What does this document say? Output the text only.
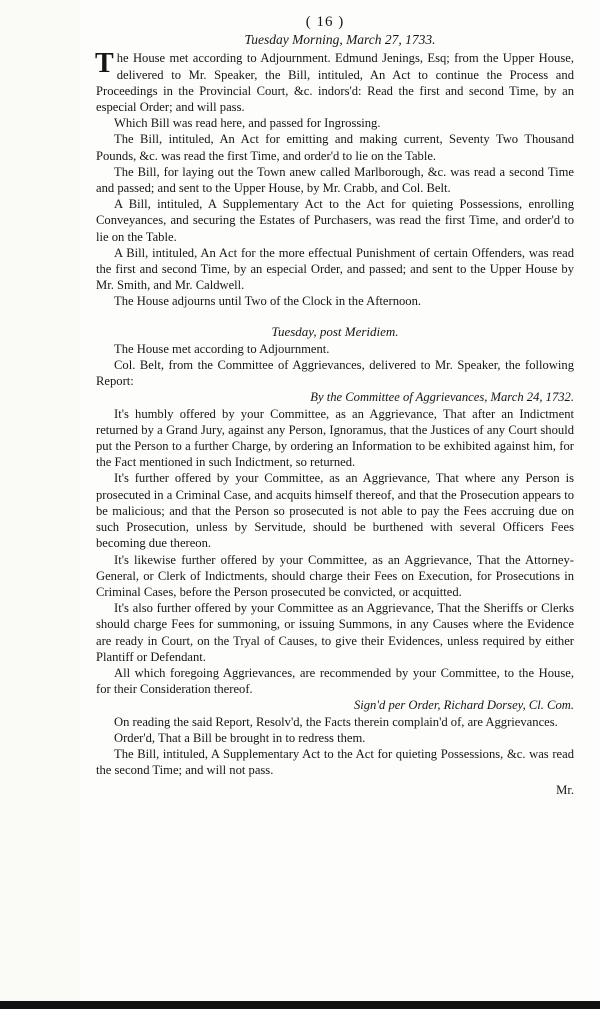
( 16 )
Tuesday Morning, March 27, 1733.

The House met according to Adjournment. Edmund Jenings, Esq; from the Upper House, delivered to Mr. Speaker, the Bill, intituled, An Act to continue the Process and Proceedings in the Provincial Court, &c. indors'd: Read the first and second Time, by an especial Order; and will pass.

Which Bill was read here, and passed for Ingrossing.

The Bill, intituled, An Act for emitting and making current, Seventy Two Thousand Pounds, &c. was read the first Time, and order'd to lie on the Table.

The Bill, for laying out the Town anew called Marlborough, &c. was read a second Time and passed; and sent to the Upper House, by Mr. Crabb, and Col. Belt.

A Bill, intituled, A Supplementary Act to the Act for quieting Possessions, enrolling Conveyances, and securing the Estates of Purchasers, was read the first Time, and order'd to lie on the Table.

A Bill, intituled, An Act for the more effectual Punishment of certain Offenders, was read the first and second Time, by an especial Order, and passed; and sent to the Upper House by Mr. Smith, and Mr. Caldwell.

The House adjourns until Two of the Clock in the Afternoon.

Tuesday, post Meridiem.

The House met according to Adjournment.

Col. Belt, from the Committee of Aggrievances, delivered to Mr. Speaker, the following Report:

By the Committee of Aggrievances, March 24, 1732.

It's humbly offered by your Committee, as an Aggrievance, That after an Indictment returned by a Grand Jury, against any Person, Ignoramus, that the Justices of any Court should put the Person to a further Charge, by ordering an Information to be exhibited against him, for the Fact mentioned in such Indictment, so returned.

It's further offered by your Committee, as an Aggrievance, That where any Person is prosecuted in a Criminal Case, and acquits himself thereof, and that the Prosecution appears to be malicious; and that the Person so prosecuted is not able to pay the Fees accruing due on such Prosecution, unless by Servitude, should be burthened with several Officers Fees becoming due thereon.

It's likewise further offered by your Committee, as an Aggrievance, That the Attorney-General, or Clerk of Indictments, should charge their Fees on Execution, for Prosecutions in Criminal Cases, before the Person prosecuted be convicted, or acquitted.

It's also further offered by your Committee as an Aggrievance, That the Sheriffs or Clerks should charge Fees for summoning, or issuing Summons, in any Causes where the Evidence are ready in Court, on the Tryal of Causes, to give their Evidences, unless required by either Plantiff or Defendant.

All which foregoing Aggrievances, are recommended by your Committee, to the House, for their Consideration thereof.

Sign'd per Order, Richard Dorsey, Cl. Com.

On reading the said Report, Resolv'd, the Facts therein complain'd of, are Aggrievances.

Order'd, That a Bill be brought in to redress them.

The Bill, intituled, A Supplementary Act to the Act for quieting Possessions, &c. was read the second Time; and will not pass.

Mr.
